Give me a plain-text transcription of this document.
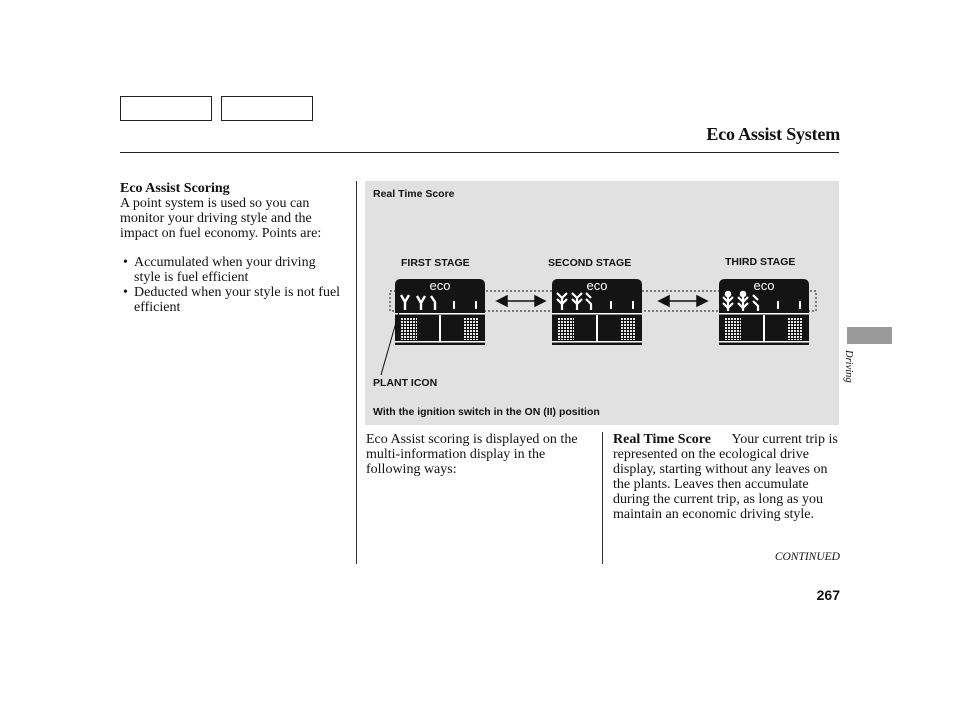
Eco Assist System
Eco Assist Scoring

A point system is used so you can monitor your driving style and the impact on fuel economy. Points are:

• Accumulated when your driving style is fuel efficient
• Deducted when your style is not fuel efficient
Real Time Score
FIRST STAGE	SECOND STAGE	THIRD STAGE
PLANT ICON
With the ignition switch in the ON (II) position
eco	eco	eco
Eco Assist scoring is displayed on the multi-information display in the following ways:
Real Time Score Your current trip is represented on the ecological drive display, starting without any leaves on the plants. Leaves then accumulate during the current trip, as long as you maintain an economic driving style.
CONTINUED
267
Driving
